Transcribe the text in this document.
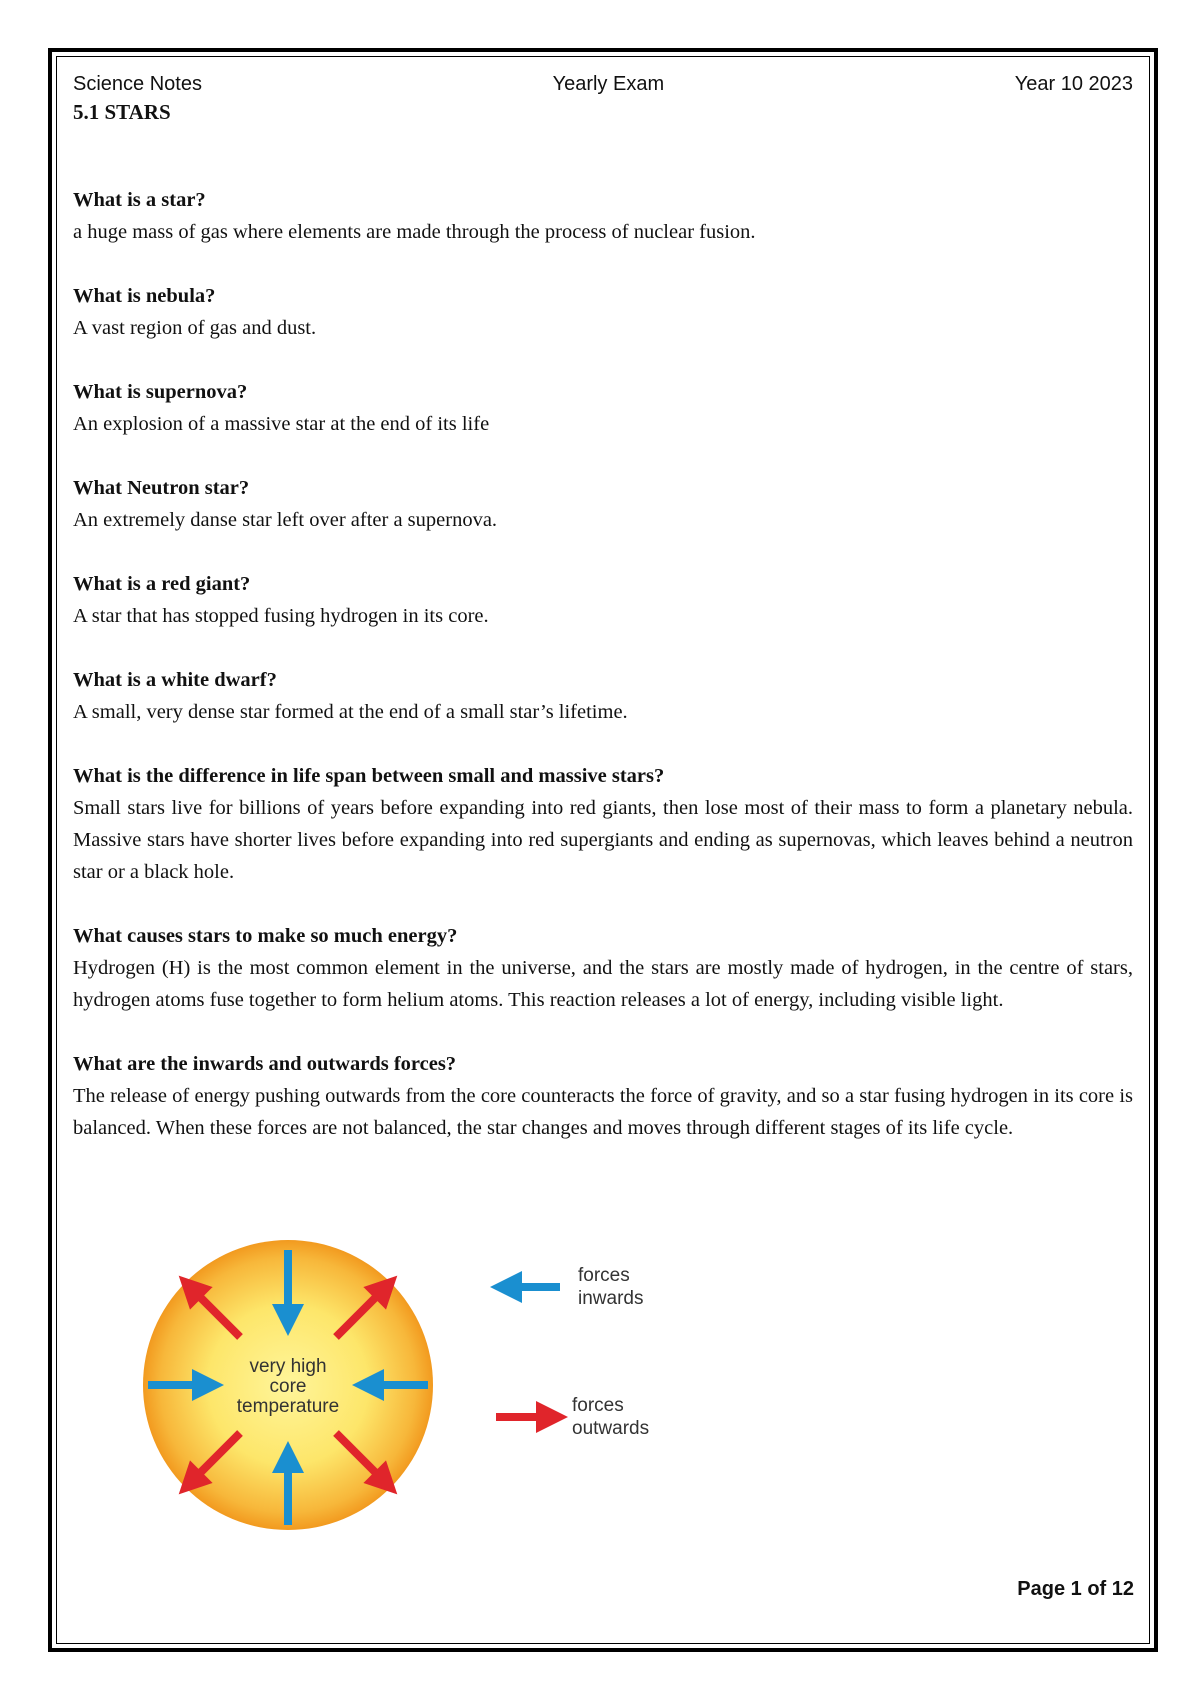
Science Notes	Yearly Exam	Year 10 2023
5.1 STARS
What is a star?
a huge mass of gas where elements are made through the process of nuclear fusion.
What is nebula?
A vast region of gas and dust.
What is supernova?
An explosion of a massive star at the end of its life
What Neutron star?
An extremely danse star left over after a supernova.
What is a red giant?
A star that has stopped fusing hydrogen in its core.
What is a white dwarf?
A small, very dense star formed at the end of a small star’s lifetime.
What is the difference in life span between small and massive stars?
Small stars live for billions of years before expanding into red giants, then lose most of their mass to form a planetary nebula. Massive stars have shorter lives before expanding into red supergiants and ending as supernovas, which leaves behind a neutron star or a black hole.
What causes stars to make so much energy?
Hydrogen (H) is the most common element in the universe, and the stars are mostly made of hydrogen, in the centre of stars, hydrogen atoms fuse together to form helium atoms. This reaction releases a lot of energy, including visible light.
What are the inwards and outwards forces?
The release of energy pushing outwards from the core counteracts the force of gravity, and so a star fusing hydrogen in its core is balanced. When these forces are not balanced, the star changes and moves through different stages of its life cycle.
very high
core
temperature
forces
inwards
forces
outwards
Page 1 of 12
